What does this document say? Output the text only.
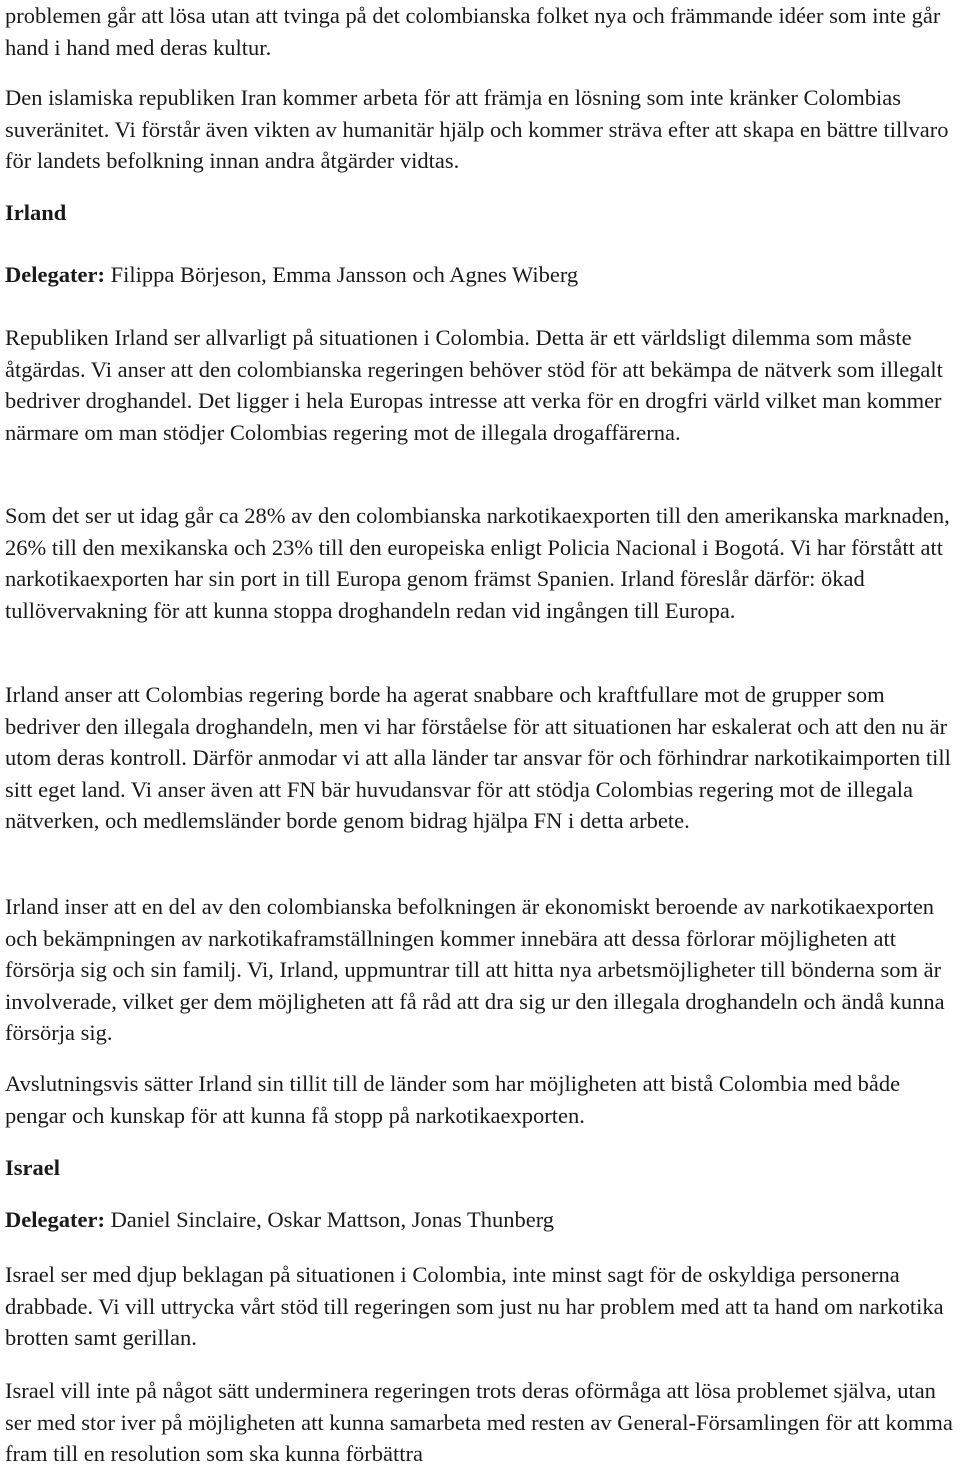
problemen går att lösa utan att tvinga på det colombianska folket nya och främmande idéer som inte går hand i hand med deras kultur.

Den islamiska republiken Iran kommer arbeta för att främja en lösning som inte kränker Colombias suveränitet. Vi förstår även vikten av humanitär hjälp och kommer sträva efter att skapa en bättre tillvaro för landets befolkning innan andra åtgärder vidtas.

Irland

Delegater: Filippa Börjeson, Emma Jansson och Agnes Wiberg

Republiken Irland ser allvarligt på situationen i Colombia. Detta är ett världsligt dilemma som måste åtgärdas. Vi anser att den colombianska regeringen behöver stöd för att bekämpa de nätverk som illegalt bedriver droghandel. Det ligger i hela Europas intresse att verka för en drogfri värld vilket man kommer närmare om man stödjer Colombias regering mot de illegala drogaffärerna.

Som det ser ut idag går ca 28% av den colombianska narkotikaexporten till den amerikanska marknaden, 26% till den mexikanska och 23% till den europeiska enligt Policia Nacional i Bogotá. Vi har förstått att narkotikaexporten har sin port in till Europa genom främst Spanien. Irland föreslår därför: ökad tullövervakning för att kunna stoppa droghandeln redan vid ingången till Europa.

Irland anser att Colombias regering borde ha agerat snabbare och kraftfullare mot de grupper som bedriver den illegala droghandeln, men vi har förståelse för att situationen har eskalerat och att den nu är utom deras kontroll. Därför anmodar vi att alla länder tar ansvar för och förhindrar narkotikaimporten till sitt eget land. Vi anser även att FN bär huvudansvar för att stödja Colombias regering mot de illegala nätverken, och medlemsländer borde genom bidrag hjälpa FN i detta arbete.

Irland inser att en del av den colombianska befolkningen är ekonomiskt beroende av narkotikaexporten och bekämpningen av narkotikaframställningen kommer innebära att dessa förlorar möjligheten att försörja sig och sin familj. Vi, Irland, uppmuntrar till att hitta nya arbetsmöjligheter till bönderna som är involverade, vilket ger dem möjligheten att få råd att dra sig ur den illegala droghandeln och ändå kunna försörja sig.

Avslutningsvis sätter Irland sin tillit till de länder som har möjligheten att bistå Colombia med både pengar och kunskap för att kunna få stopp på narkotikaexporten.

Israel

Delegater: Daniel Sinclaire, Oskar Mattson, Jonas Thunberg

Israel ser med djup beklagan på situationen i Colombia, inte minst sagt för de oskyldiga personerna drabbade. Vi vill uttrycka vårt stöd till regeringen som just nu har problem med att ta hand om narkotika brotten samt gerillan.

Israel vill inte på något sätt underminera regeringen trots deras oförmåga att lösa problemet själva, utan ser med stor iver på möjligheten att kunna samarbeta med resten av General-Församlingen för att komma fram till en resolution som ska kunna förbättra
